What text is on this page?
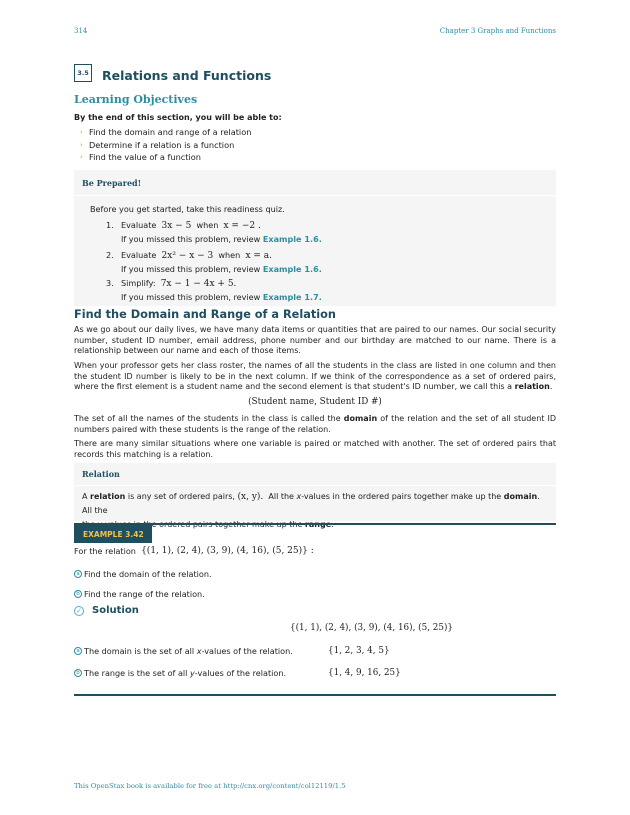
314	Chapter 3 Graphs and Functions
3.5 Relations and Functions
Learning Objectives
By the end of this section, you will be able to:
› Find the domain and range of a relation
› Determine if a relation is a function
› Find the value of a function
Be Prepared!
Before you get started, take this readiness quiz.
1. Evaluate 3x − 5 when x = −2 .
If you missed this problem, review Example 1.6.
2. Evaluate 2x² − x − 3 when x = a.
If you missed this problem, review Example 1.6.
3. Simplify: 7x − 1 − 4x + 5.
If you missed this problem, review Example 1.7.
Find the Domain and Range of a Relation
As we go about our daily lives, we have many data items or quantities that are paired to our names. Our social security number, student ID number, email address, phone number and our birthday are matched to our name. There is a relationship between our name and each of those items.
When your professor gets her class roster, the names of all the students in the class are listed in one column and then the student ID number is likely to be in the next column. If we think of the correspondence as a set of ordered pairs, where the first element is a student name and the second element is that student's ID number, we call this a relation.
(Student name, Student ID #)
The set of all the names of the students in the class is called the domain of the relation and the set of all student ID numbers paired with these students is the range of the relation.
There are many similar situations where one variable is paired or matched with another. The set of ordered pairs that records this matching is a relation.
Relation
A relation is any set of ordered pairs, (x, y). All the x-values in the ordered pairs together make up the domain. All the

EXAMPLE 3.42
For the relation
{(1, 1), (2, 4), (3, 9), (4, 16), (5, 25)} :
a Find the domain of the relation.
b Find the range of the relation.
✓ Solution
{(1, 1), (2, 4), (3, 9), (4, 16), (5, 25)}
a The domain is the set of all
x -values of the relation.	{1, 2, 3, 4, 5}
b The range is the set of all
y -values of the relation.	{1, 4, 9, 16, 25}
This OpenStax book is available for free at http://cnx.org/content/col12119/1.5
